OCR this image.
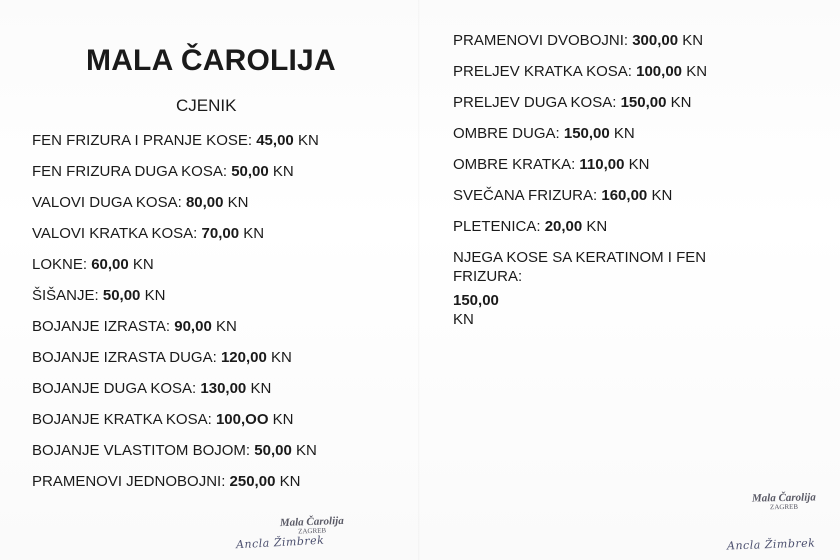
MALA ČAROLIJA
CJENIK
FEN FRIZURA I PRANJE KOSE: 45,00 KN
FEN FRIZURA DUGA KOSA: 50,00 KN
VALOVI DUGA KOSA: 80,00 KN
VALOVI KRATKA KOSA: 70,00 KN
LOKNE: 60,00 KN
ŠIŠANJE: 50,00 KN
BOJANJE IZRASTA: 90,00 KN
BOJANJE IZRASTA DUGA: 120,00 KN
BOJANJE DUGA KOSA: 130,00 KN
BOJANJE KRATKA KOSA: 100,OO KN
BOJANJE VLASTITOM BOJOM: 50,00 KN
PRAMENOVI JEDNOBOJNI: 250,00 KN
PRAMENOVI DVOBOJNI: 300,00 KN
PRELJEV KRATKA KOSA: 100,00 KN
PRELJEV DUGA KOSA: 150,00 KN
OMBRE DUGA: 150,00 KN
OMBRE KRATKA: 110,00 KN
SVEČANA FRIZURA: 160,00 KN
PLETENICA: 20,00 KN
NJEGA KOSE SA KERATINOM I FEN FRIZURA:
150,00
KN
Mala Čarolija
ZAGREB
Ancla Žimbrek
Mala Čarolija
ZAGREB
Ancla Žimbrek
